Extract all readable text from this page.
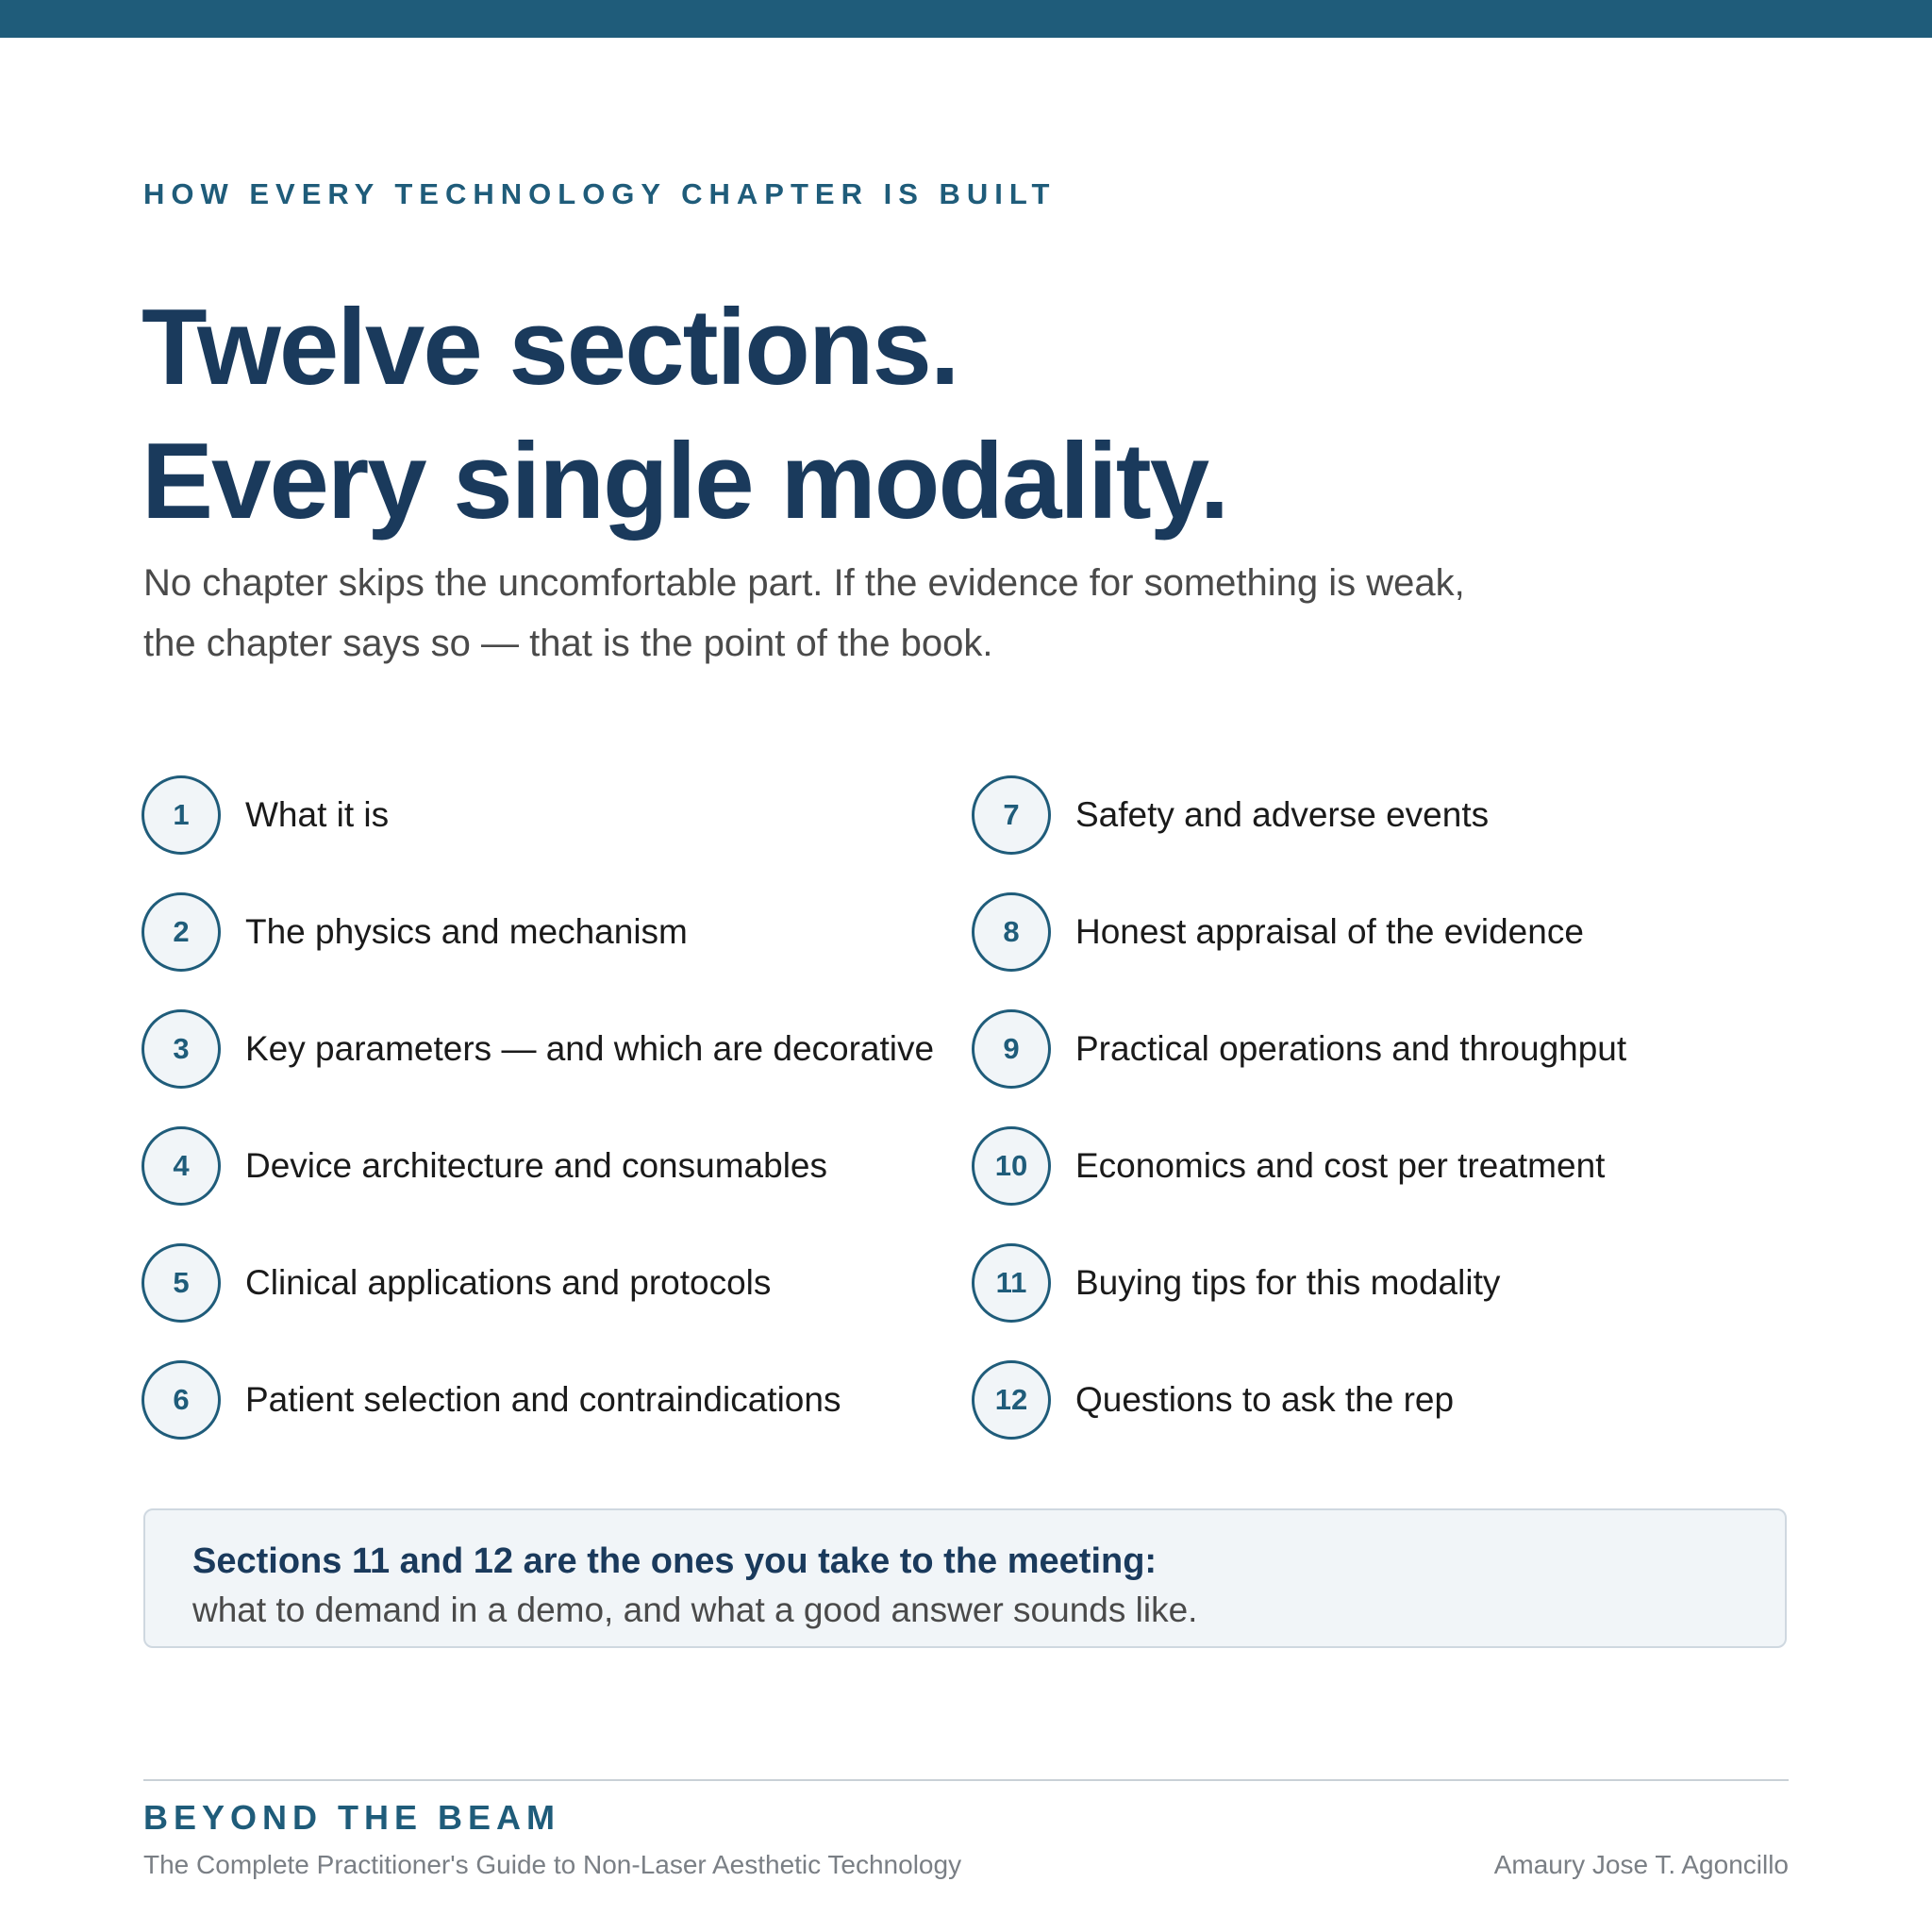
HOW EVERY TECHNOLOGY CHAPTER IS BUILT
Twelve sections.
Every single modality.

No chapter skips the uncomfortable part. If the evidence for something is weak, the chapter says so — that is the point of the book.

1	What it is
2	The physics and mechanism
3	Key parameters — and which are decorative
4	Device architecture and consumables
5	Clinical applications and protocols
6	Patient selection and contraindications
7	Safety and adverse events
8	Honest appraisal of the evidence
9	Practical operations and throughput
10	Economics and cost per treatment
11	Buying tips for this modality
12	Questions to ask the rep
Sections 11 and 12 are the ones you take to the meeting:
what to demand in a demo, and what a good answer sounds like.
BEYOND THE BEAM
The Complete Practitioner's Guide to Non-Laser Aesthetic Technology	Amaury Jose T. Agoncillo
